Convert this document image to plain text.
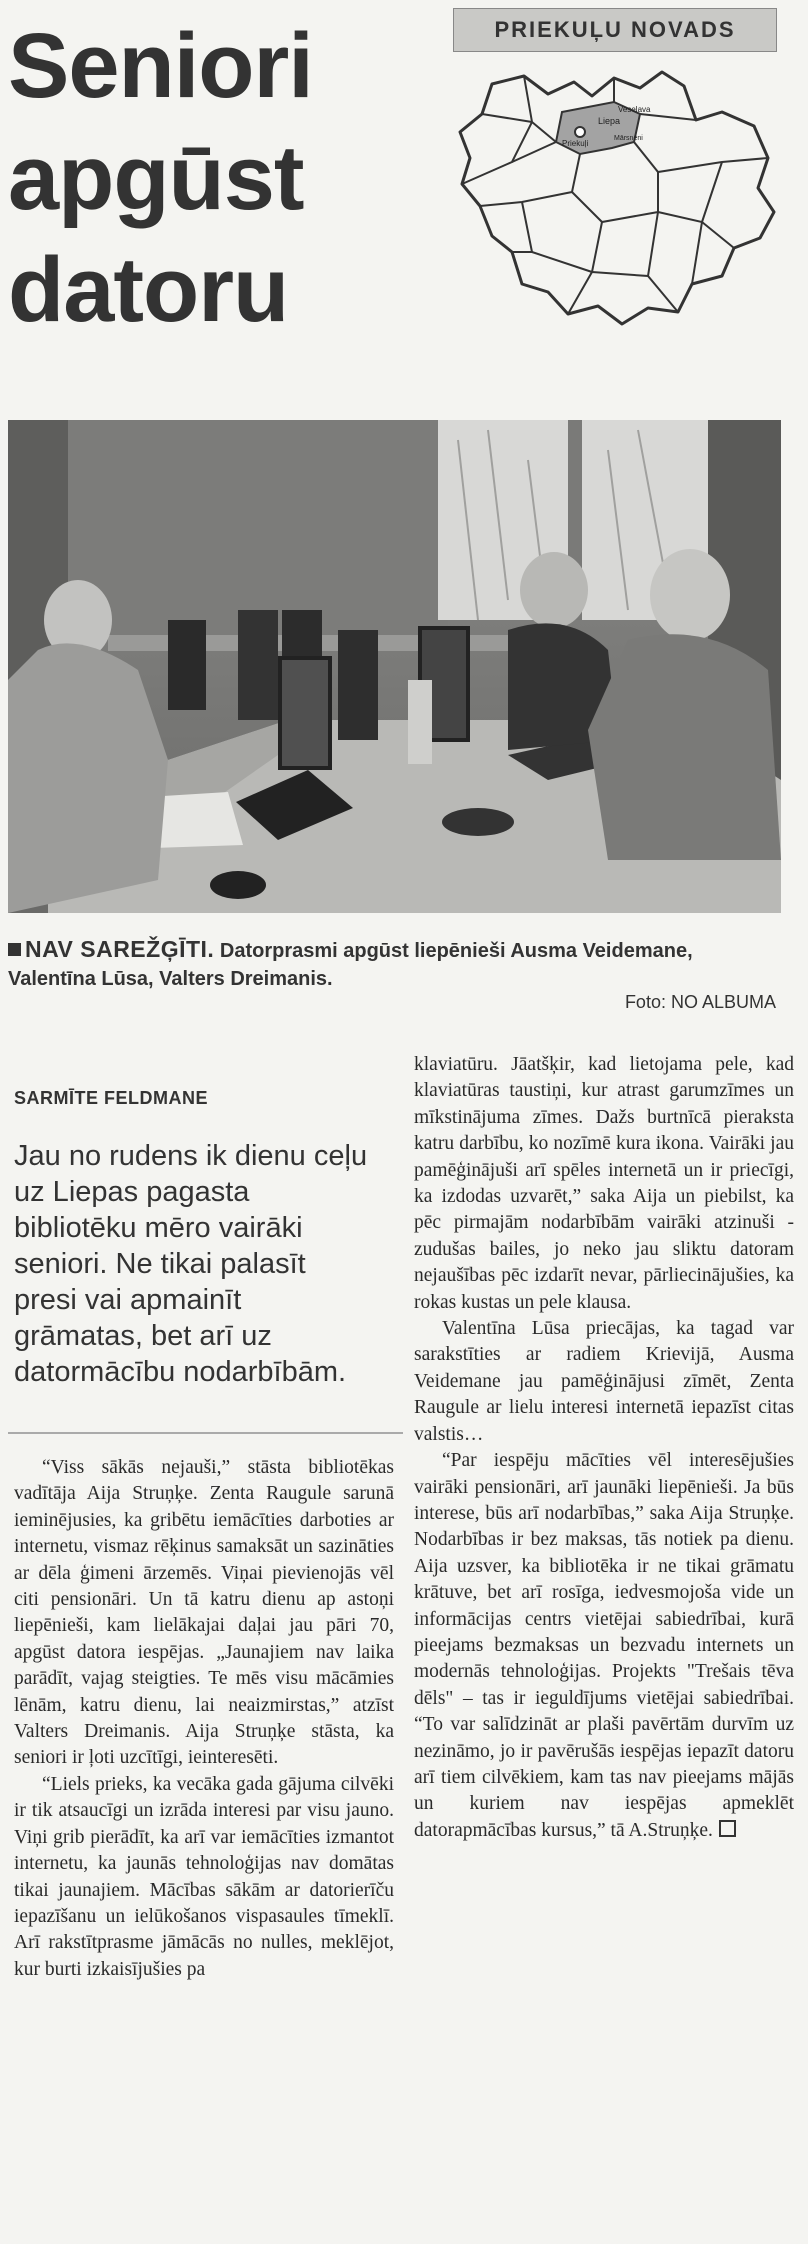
Seniori apgūst datoru
PRIEKUĻU NOVADS
Veselava
Liepa
Priekuļi
Mārsnēni
NAV SAREŽĢĪTI. Datorprasmi apgūst liepēnieši Ausma Veidemane, Valentīna Lūsa, Valters Dreimanis.
Foto: NO ALBUMA
SARMĪTE FELDMANE
Jau no rudens ik dienu ceļu uz Liepas pagasta bibliotēku mēro vairāki seniori. Ne tikai palasīt presi vai apmainīt grāmatas, bet arī uz datormācību nodarbībām.

“Viss sākās nejauši,” stāsta bibliotēkas vadītāja Aija Struņķe. Zenta Raugule sarunā ieminējusies, ka gribētu iemācīties darboties ar internetu, vismaz rēķinus samaksāt un sazināties ar dēla ģimeni ārzemēs. Viņai pievienojās vēl citi pensionāri. Un tā katru dienu ap astoņi liepēnieši, kam lielākajai daļai jau pāri 70, apgūst datora iespējas. „Jaunajiem nav laika parādīt, vajag steigties. Te mēs visu mācāmies lēnām, katru dienu, lai neaizmirstas,” atzīst Valters Dreimanis. Aija Struņķe stāsta, ka seniori ir ļoti uzcītīgi, ieinteresēti.

“Liels prieks, ka vecāka gada gājuma cilvēki ir tik atsaucīgi un izrāda interesi par visu jauno. Viņi grib pierādīt, ka arī var iemācīties izmantot internetu, ka jaunās tehnoloģijas nav domātas tikai jaunajiem. Mācības sākām ar datorierīču iepazīšanu un ielūkošanos vispasaules tīmeklī. Arī rakstītprasme jāmācās no nulles, meklējot, kur burti izkaisījušies pa

klaviatūru. Jāatšķir, kad lietojama pele, kad klaviatūras taustiņi, kur atrast garumzīmes un mīkstinājuma zīmes. Dažs burtnīcā pieraksta katru darbību, ko nozīmē kura ikona. Vairāki jau pamēģinājuši arī spēles internetā un ir priecīgi, ka izdodas uzvarēt,” saka Aija un piebilst, ka pēc pirmajām nodarbībām vairāki atzinuši - zudušas bailes, jo neko jau sliktu datoram nejaušības pēc izdarīt nevar, pārliecinājušies, ka rokas kustas un pele klausa.

Valentīna Lūsa priecājas, ka tagad var sarakstīties ar radiem Krievijā, Ausma Veidemane jau pamēģinājusi zīmēt, Zenta Raugule ar lielu interesi internetā iepazīst citas valstis…

“Par iespēju mācīties vēl interesējušies vairāki pensionāri, arī jaunāki liepēnieši. Ja būs interese, būs arī nodarbības,” saka Aija Struņķe. Nodarbības ir bez maksas, tās notiek pa dienu. Aija uzsver, ka bibliotēka ir ne tikai grāmatu krātuve, bet arī rosīga, iedvesmojoša vide un informācijas centrs vietējai sabiedrībai, kurā pieejams bezmaksas un bezvadu internets un modernās tehnoloģijas. Projekts "Trešais tēva dēls" – tas ir ieguldījums vietējai sabiedrībai. “To var salīdzināt ar plaši pavērtām durvīm uz nezināmo, jo ir pavērušās iespējas iepazīt datoru arī tiem cilvēkiem, kam tas nav pieejams mājās un kuriem nav iespējas apmeklēt datorapmācības kursus,” tā A.Struņķe.
